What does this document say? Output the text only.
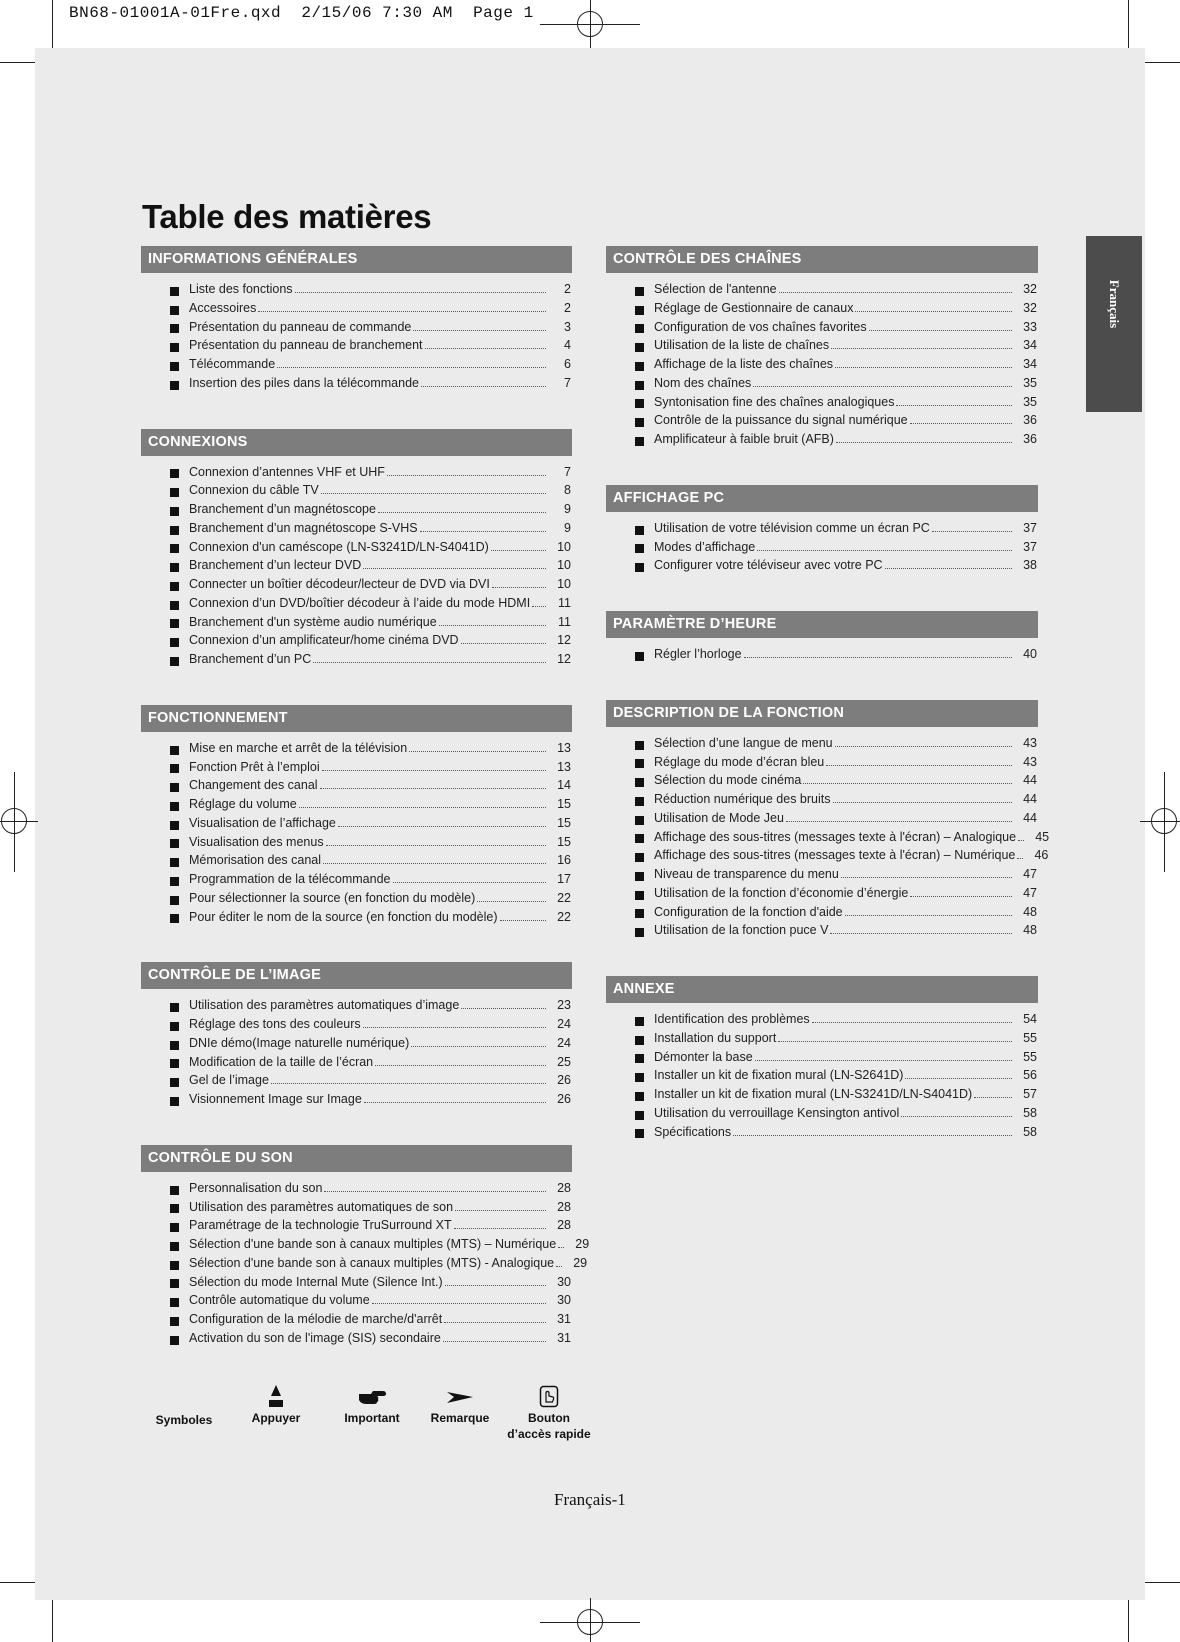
BN68-01001A-01Fre.qxd  2/15/06 7:30 AM  Page 1
Français
Table des matières
INFORMATIONS GÉNÉRALES
Liste des fonctions	2
Accessoires	2
Présentation du panneau de commande	3
Présentation du panneau de branchement	4
Télécommande	6
Insertion des piles dans la télécommande	7
CONNEXIONS
Connexion d’antennes VHF et UHF	7
Connexion du câble TV	8
Branchement d’un magnétoscope	9
Branchement d’un magnétoscope S-VHS	9
Connexion d'un caméscope (LN-S3241D/LN-S4041D)	10
Branchement d’un lecteur DVD	10
Connecter un boîtier décodeur/lecteur de DVD via DVI	10
Connexion d’un DVD/boîtier décodeur à l’aide du mode HDMI	11
Branchement d'un système audio numérique	11
Connexion d’un amplificateur/home cinéma DVD	12
Branchement d’un PC	12
FONCTIONNEMENT
Mise en marche et arrêt de la télévision	13
Fonction Prêt à l’emploi	13
Changement des canal	14
Réglage du volume	15
Visualisation de l’affichage	15
Visualisation des menus	15
Mémorisation des canal	16
Programmation de la télécommande	17
Pour sélectionner la source (en fonction du modèle)	22
Pour éditer le nom de la source (en fonction du modèle)	22
CONTRÔLE DE L’IMAGE
Utilisation des paramètres automatiques d’image	23
Réglage des tons des couleurs	24
DNIe démo(Image naturelle numérique)	24
Modification de la taille de l’écran	25
Gel de l’image	26
Visionnement Image sur Image	26
CONTRÔLE DU SON
Personnalisation du son	28
Utilisation des paramètres automatiques de son	28
Paramétrage de la technologie TruSurround XT	28
Sélection d'une bande son à canaux multiples (MTS) – Numérique	29
Sélection d'une bande son à canaux multiples (MTS) - Analogique	29
Sélection du mode Internal Mute (Silence Int.)	30
Contrôle automatique du volume	30
Configuration de la mélodie de marche/d'arrêt	31
Activation du son de l'image (SIS) secondaire	31
CONTRÔLE DES CHAÎNES
Sélection de l'antenne	32
Réglage de Gestionnaire de canaux	32
Configuration de vos chaînes favorites	33
Utilisation de la liste de chaînes	34
Affichage de la liste des chaînes	34
Nom des chaînes	35
Syntonisation fine des chaînes analogiques	35
Contrôle de la puissance du signal numérique	36
Amplificateur à faible bruit (AFB)	36
AFFICHAGE PC
Utilisation de votre télévision comme un écran PC	37
Modes d’affichage	37
Configurer votre téléviseur avec votre PC	38
PARAMÈTRE D’HEURE
Régler l’horloge	40
DESCRIPTION DE LA FONCTION
Sélection d’une langue de menu	43
Réglage du mode d’écran bleu	43
Sélection du mode cinéma	44
Réduction numérique des bruits	44
Utilisation de Mode Jeu	44
Affichage des sous-titres (messages texte à l'écran) – Analogique	45
Affichage des sous-titres (messages texte à l'écran) – Numérique	46
Niveau de transparence du menu	47
Utilisation de la fonction d’économie d’énergie	47
Configuration de la fonction d'aide	48
Utilisation de la fonction puce V	48
ANNEXE
Identification des problèmes	54
Installation du support	55
Démonter la base	55
Installer un kit de fixation mural (LN-S2641D)	56
Installer un kit de fixation mural (LN-S3241D/LN-S4041D)	57
Utilisation du verrouillage Kensington antivol	58
Spécifications	58
Symboles	Appuyer	Important	Remarque	Bouton
d’accès rapide
Français-1
